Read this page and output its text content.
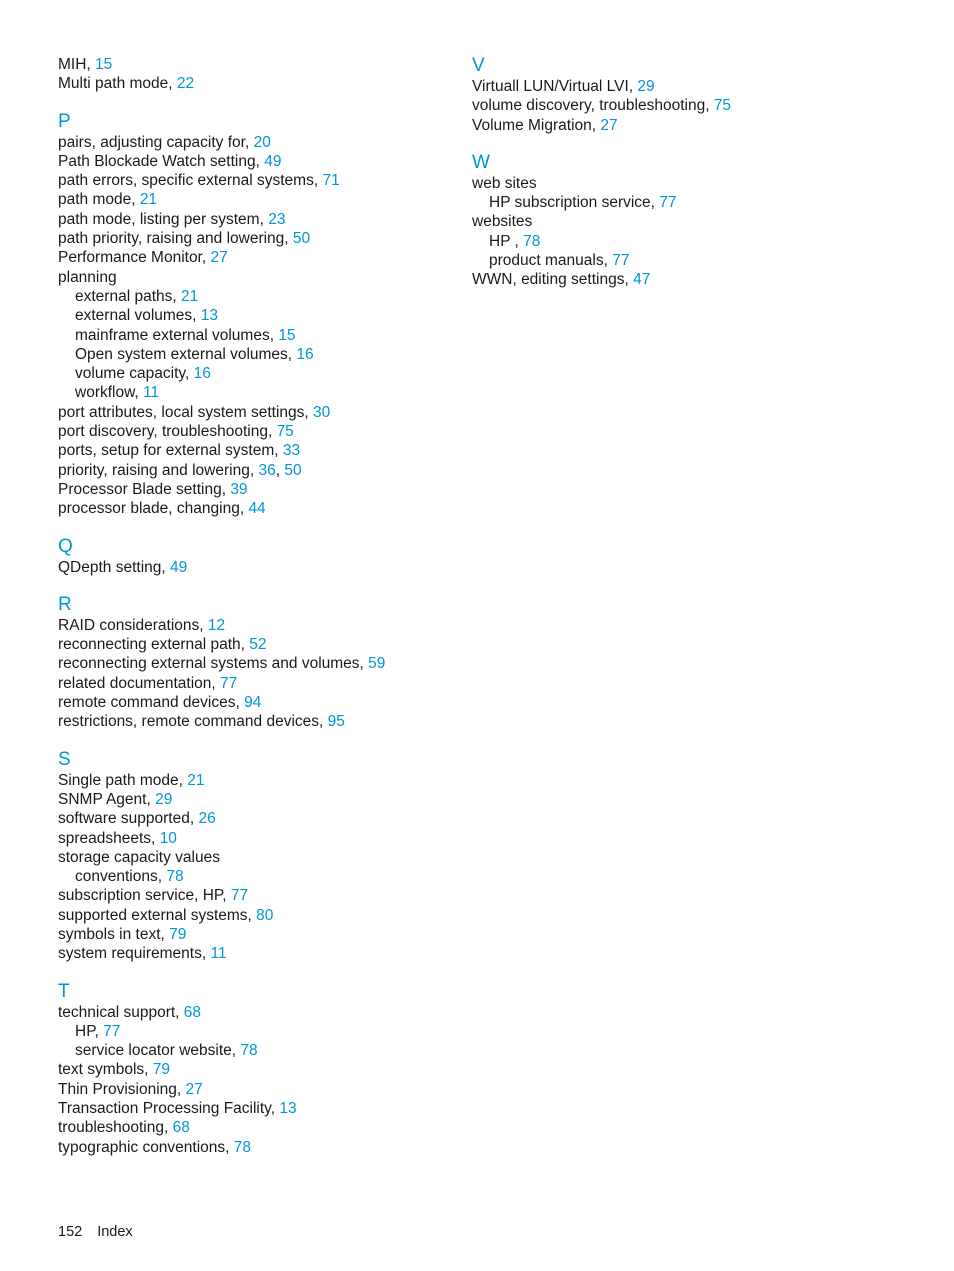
MIH, 15
Multi path mode, 22
P
pairs, adjusting capacity for, 20
Path Blockade Watch setting, 49
path errors, specific external systems, 71
path mode, 21
path mode, listing per system, 23
path priority, raising and lowering, 50
Performance Monitor, 27
planning
external paths, 21
external volumes, 13
mainframe external volumes, 15
Open system external volumes, 16
volume capacity, 16
workflow, 11
port attributes, local system settings, 30
port discovery, troubleshooting, 75
ports, setup for external system, 33
priority, raising and lowering, 36, 50
Processor Blade setting, 39
processor blade, changing, 44
Q
QDepth setting, 49
R
RAID considerations, 12
reconnecting external path, 52
reconnecting external systems and volumes, 59
related documentation, 77
remote command devices, 94
restrictions, remote command devices, 95
S
Single path mode, 21
SNMP Agent, 29
software supported, 26
spreadsheets, 10
storage capacity values
conventions, 78
subscription service, HP, 77
supported external systems, 80
symbols in text, 79
system requirements, 11
T
technical support, 68
HP, 77
service locator website, 78
text symbols, 79
Thin Provisioning, 27
Transaction Processing Facility, 13
troubleshooting, 68
typographic conventions, 78
V
Virtuall LUN/Virtual LVI, 29
volume discovery, troubleshooting, 75
Volume Migration, 27
W
web sites
HP subscription service, 77
websites
HP , 78
product manuals, 77
WWN, editing settings, 47
152 Index
